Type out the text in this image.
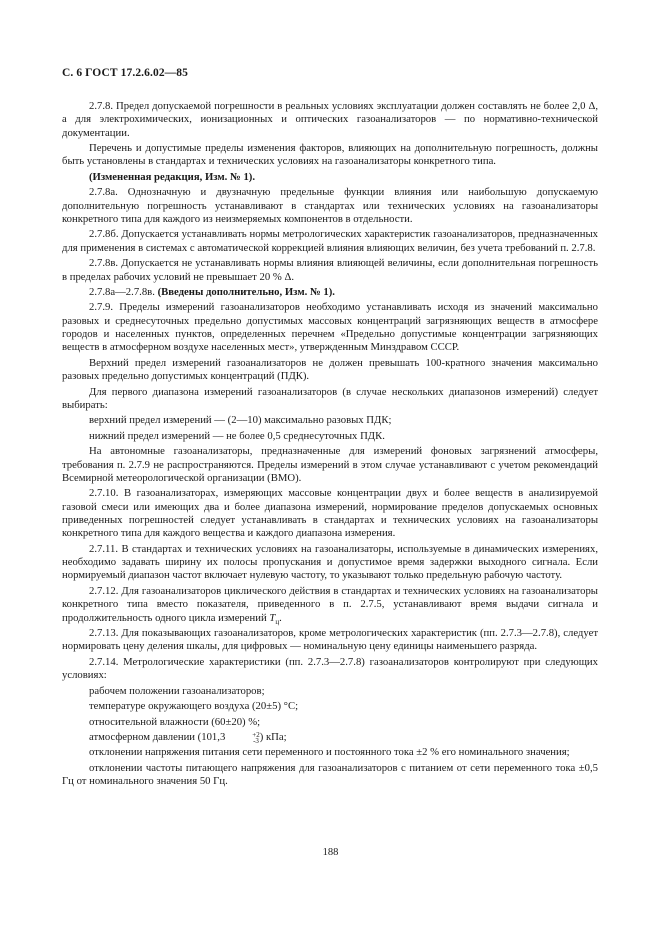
С. 6 ГОСТ 17.2.6.02—85

2.7.8. Предел допускаемой погрешности в реальных условиях эксплуатации должен составлять не более 2,0 Δ, а для электрохимических, ионизационных и оптических газоанализаторов — по нормативно-технической документации.

Перечень и допустимые пределы изменения факторов, влияющих на дополнительную погрешность, должны быть установлены в стандартах и технических условиях на газоанализаторы конкретного типа.

(Измененная редакция, Изм. № 1).

2.7.8а. Однозначную и двузначную предельные функции влияния или наибольшую допускаемую дополнительную погрешность устанавливают в стандартах или технических условиях на газоанализаторы конкретного типа для каждого из неизмеряемых компонентов в отдельности.

2.7.8б. Допускается устанавливать нормы метрологических характеристик газоанализаторов, предназначенных для применения в системах с автоматической коррекцией влияния влияющих величин, без учета требований п. 2.7.8.

2.7.8в. Допускается не устанавливать нормы влияния влияющей величины, если дополнительная погрешность в пределах рабочих условий не превышает 20 % Δ.

2.7.8а—2.7.8в. (Введены дополнительно, Изм. № 1).

2.7.9. Пределы измерений газоанализаторов необходимо устанавливать исходя из значений максимально разовых и среднесуточных предельно допустимых массовых концентраций загрязняющих веществ в атмосфере городов и населенных пунктов, определенных перечнем «Предельно допустимые концентрации загрязняющих веществ в атмосферном воздухе населенных мест», утвержденным Минздравом СССР.

Верхний предел измерений газоанализаторов не должен превышать 100-кратного значения максимально разовых предельно допустимых концентраций (ПДК).

Для первого диапазона измерений газоанализаторов (в случае нескольких диапазонов измерений) следует выбирать:

верхний предел измерений — (2—10) максимально разовых ПДК;

нижний предел измерений — не более 0,5 среднесуточных ПДК.

На автономные газоанализаторы, предназначенные для измерений фоновых загрязнений атмосферы, требования п. 2.7.9 не распространяются. Пределы измерений в этом случае устанавливают с учетом рекомендаций Всемирной метеорологической организации (ВМО).

2.7.10. В газоанализаторах, измеряющих массовые концентрации двух и более веществ в анализируемой газовой смеси или имеющих два и более диапазона измерений, нормирование пределов допускаемых основных приведенных погрешностей следует устанавливать в стандартах и технических условиях на газоанализаторы конкретного типа для каждого вещества и каждого диапазона измерения.

2.7.11. В стандартах и технических условиях на газоанализаторы, используемые в динамических измерениях, необходимо задавать ширину их полосы пропускания и допустимое время задержки выходного сигнала. Если нормируемый диапазон частот включает нулевую частоту, то указывают только предельную рабочую частоту.

2.7.12. Для газоанализаторов циклического действия в стандартах и технических условиях на газоанализаторы конкретного типа вместо показателя, приведенного в п. 2.7.5, устанавливают время выдачи сигнала и продолжительность одного цикла измерений $T_ц$.

2.7.13. Для показывающих газоанализаторов, кроме метрологических характеристик (пп. 2.7.3—2.7.8), следует нормировать цену деления шкалы, для цифровых — номинальную цену единицы наименьшего разряда.

2.7.14. Метрологические характеристики (пп. 2.7.3—2.7.8) газоанализаторов контролируют при следующих условиях:

рабочем положении газоанализаторов;

температуре окружающего воздуха (20±5) °С;

относительной влажности (60±20) %;

атмосферном давлении (101,3	+2
-3 ) кПа;

отклонении напряжения питания сети переменного и постоянного тока ±2 % его номинального значения;

отклонении частоты питающего напряжения для газоанализаторов с питанием от сети переменного тока ±0,5 Гц от номинального значения 50 Гц.

188
